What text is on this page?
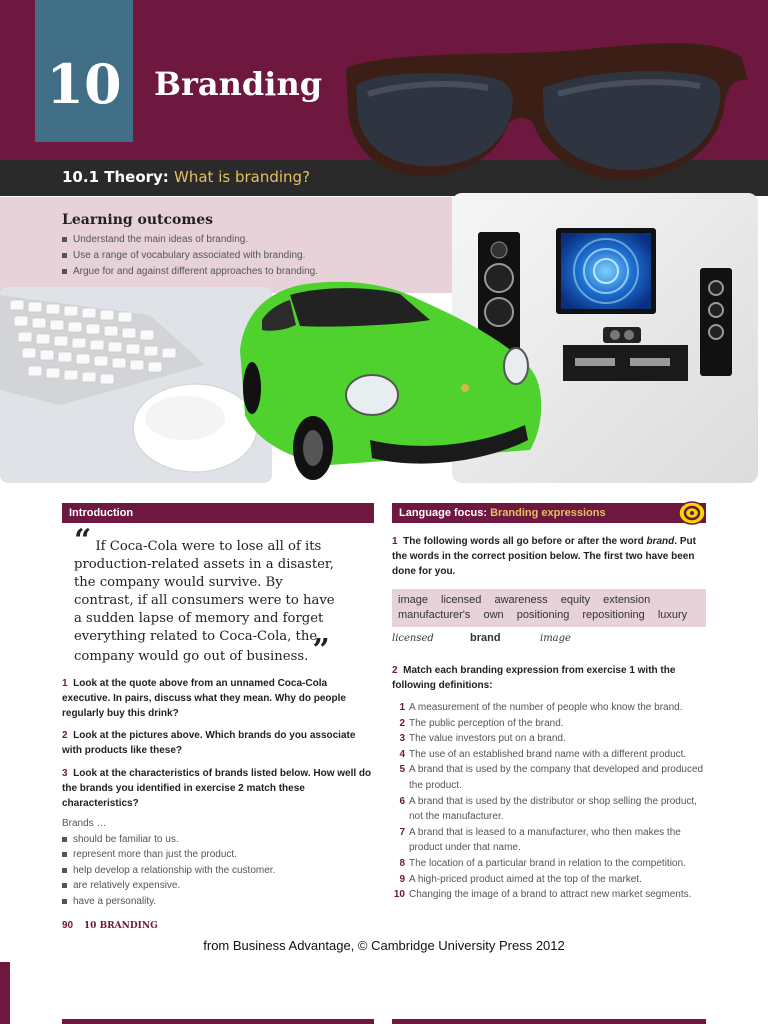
10	Branding
10.1 Theory: What is branding?
Learning outcomes
Understand the main ideas of branding.
Use a range of vocabulary associated with branding.
Argue for and against different approaches to branding.
Introduction
“ If Coca-Cola were to lose all of its production-related assets in a disaster, the company would survive. By contrast, if all consumers were to have a sudden lapse of memory and forget everything related to Coca-Cola, the company would go out of business. ”
1 Look at the quote above from an unnamed Coca-Cola executive. In pairs, discuss what they mean. Why do people regularly buy this drink?
2 Look at the pictures above. Which brands do you associate with products like these?
3 Look at the characteristics of brands listed below. How well do the brands you identified in exercise 2 match these characteristics?
Brands …
should be familiar to us.
represent more than just the product.
help develop a relationship with the customer.
are relatively expensive.
have a personality.
Language focus: Branding expressions
1 The following words all go before or after the word brand. Put the words in the correct position below. The first two have been done for you.
image licensed awareness equity extension
manufacturer's own positioning repositioning luxury
licensed	brand	image
2 Match each branding expression from exercise 1 with the following definitions:
1 A measurement of the number of people who know the brand.
2 The public perception of the brand.
3 The value investors put on a brand.
4 The use of an established brand name with a different product.
5 A brand that is used by the company that developed and produced the product.
6 A brand that is used by the distributor or shop selling the product, not the manufacturer.
7 A brand that is leased to a manufacturer, who then makes the product under that name.
8 The location of a particular brand in relation to the competition.
9 A high-priced product aimed at the top of the market.
10 Changing the image of a brand to attract new market segments.
90 10 BRANDING
from Business Advantage, © Cambridge University Press 2012
